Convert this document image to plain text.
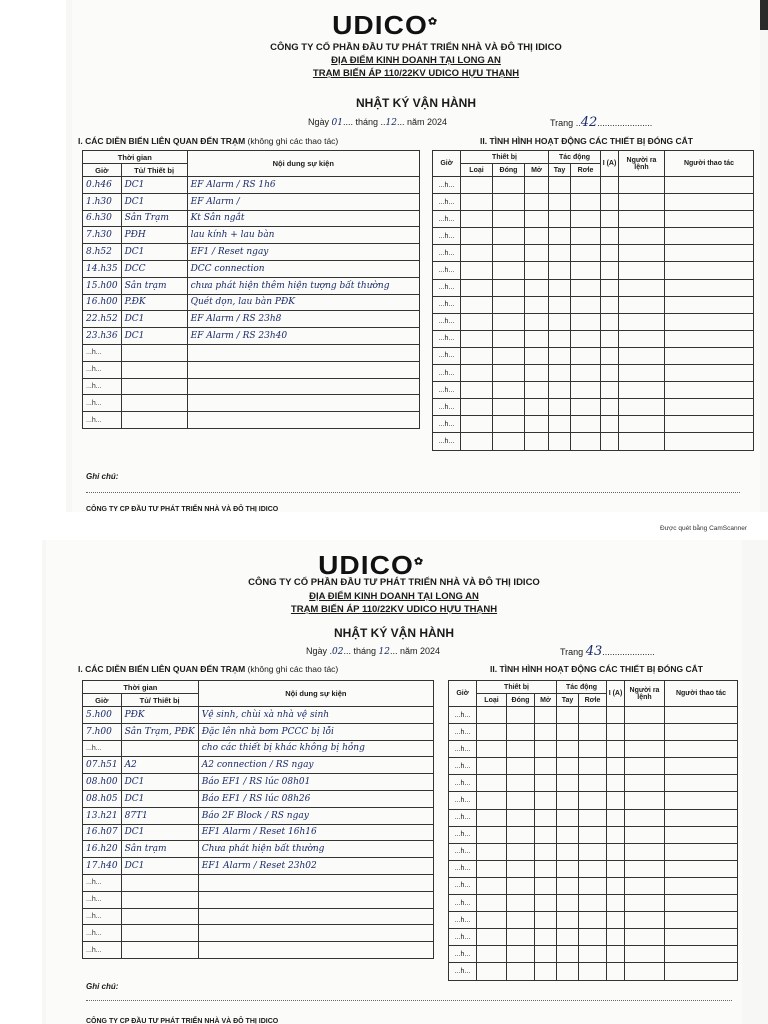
UDICO✿
CÔNG TY CỔ PHẦN ĐẦU TƯ PHÁT TRIỂN NHÀ VÀ ĐÔ THỊ IDICO
ĐỊA ĐIỂM KINH DOANH TẠI LONG AN
TRẠM BIẾN ÁP 110/22KV UDICO HỰU THẠNH
NHẬT KÝ VẬN HÀNH
Ngày 01.... tháng ..12... năm 2024	Trang ..42......................
I. CÁC DIỄN BIẾN LIÊN QUAN ĐẾN TRẠM (không ghi các thao tác)	II. TÌNH HÌNH HOẠT ĐỘNG CÁC THIẾT BỊ ĐÓNG CẮT
Thời gian		Nội dung sự kiện
Giờ	Tủ/ Thiết bị	
0.h46	DC1	EF Alarm / RS 1h6
1.h30	DC1	EF Alarm /
6.h30	Sân Trạm	Kt Sân ngắt
7.h30	PĐH	lau kính + lau bàn
8.h52	DC1	EF1 / Reset ngay
14.h35	DCC	DCC connection
15.h00	Sân trạm	chưa phát hiện thêm hiện tượng bất thường
16.h00	P.ĐK	Quét dọn, lau bàn PĐK
22.h52	DC1	EF Alarm / RS 23h8
23.h36	DC1	EF Alarm / RS 23h40
...h...		
...h...		
...h...		
...h...		
...h...		
Giờ	Thiết bị			Tác động		I (A)	Người ra lệnh	Người thao tác
	Loại	Đóng	Mở	Tay	Rơle			
...h...								
...h...								
...h...								
...h...								
...h...								
...h...								
...h...								
...h...								
...h...								
...h...								
...h...								
...h...								
...h...								
...h...								
...h...								
...h...								
Ghi chú:
CÔNG TY CP ĐẦU TƯ PHÁT TRIỂN NHÀ VÀ ĐÔ THỊ IDICO
Được quét bằng CamScanner
UDICO✿
CÔNG TY CỔ PHẦN ĐẦU TƯ PHÁT TRIỂN NHÀ VÀ ĐÔ THỊ IDICO
ĐỊA ĐIỂM KINH DOANH TẠI LONG AN
TRẠM BIẾN ÁP 110/22KV UDICO HỰU THẠNH
NHẬT KÝ VẬN HÀNH
Ngày .02... tháng 12... năm 2024	Trang 43.....................
I. CÁC DIỄN BIẾN LIÊN QUAN ĐẾN TRẠM (không ghi các thao tác)	II. TÌNH HÌNH HOẠT ĐỘNG CÁC THIẾT BỊ ĐÓNG CẮT
Thời gian		Nội dung sự kiện
Giờ	Tủ/ Thiết bị	
5.h00	PĐK	Vệ sinh, chùi xà nhà vệ sinh
7.h00	Sân Trạm, PĐK	Đặc lên nhà bơm PCCC bị lỗi
...h...		cho các thiết bị khác không bị hỏng
07.h51	A2	A2 connection / RS ngay
08.h00	DC1	Báo EF1 / RS lúc 08h01
08.h05	DC1	Báo EF1 / RS lúc 08h26
13.h21	87T1	Báo 2F Block / RS ngay
16.h07	DC1	EF1 Alarm / Reset 16h16
16.h20	Sân trạm	Chưa phát hiện bất thường
17.h40	DC1	EF1 Alarm / Reset 23h02
...h...		
...h...		
...h...		
...h...		
...h...		
Giờ	Thiết bị			Tác động		I (A)	Người ra lệnh	Người thao tác
	Loại	Đóng	Mở	Tay	Rơle			
...h...								
...h...								
...h...								
...h...								
...h...								
...h...								
...h...								
...h...								
...h...								
...h...								
...h...								
...h...								
...h...								
...h...								
...h...								
...h...								
Ghi chú:
CÔNG TY CP ĐẦU TƯ PHÁT TRIỂN NHÀ VÀ ĐÔ THỊ IDICO
